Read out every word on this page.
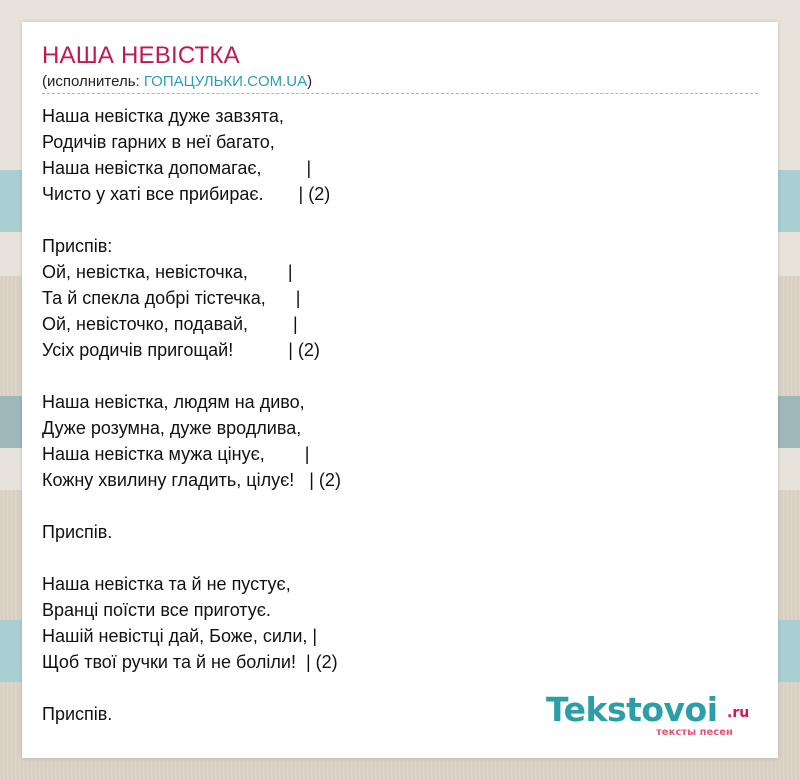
НАША НЕВІСТКА
(исполнитель: ГОПАЦУЛЬКИ.COM.UA)
Наша невістка дуже завзята,
Родичів гарних в неї багато,
Наша невістка допомагає,         |
Чисто у хаті все прибирає.       | (2)

Приспів:
Ой, невістка, невісточка,        |
Та й спекла добрі тістечка,      |
Ой, невісточко, подавай,         |
Усіх родичів пригощай!           | (2)

Наша невістка, людям на диво,
Дуже розумна, дуже вродлива,
Наша невістка мужа цінує,        |
Кожну хвилину гладить, цілує!   | (2)

Приспів.

Наша невістка та й не пустує,
Вранці поїсти все приготує.
Нашій невістці дай, Боже, сили, |
Щоб твої ручки та й не боліли!  | (2)

Приспів.	Tekstovoi .ru
тексты песен
